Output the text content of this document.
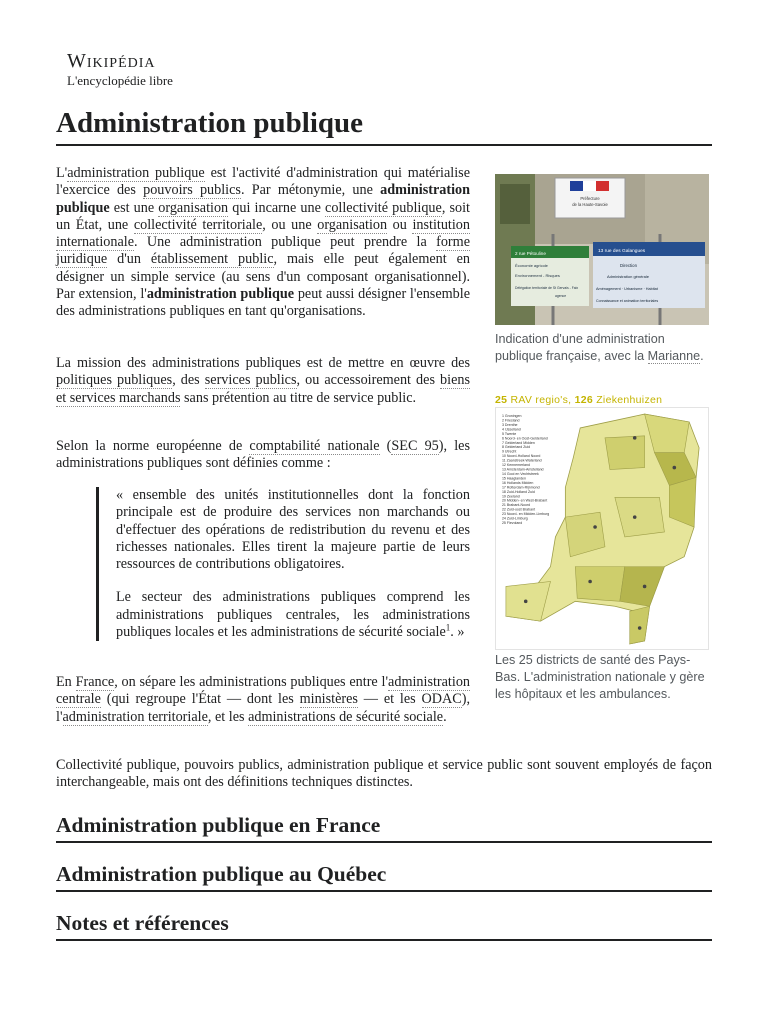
Wikipédia
L'encyclopédie libre
Administration publique

L'administration publique est l'activité d'administration qui matérialise l'exercice des pouvoirs publics. Par métonymie, une administration publique est une organisation qui incarne une collectivité publique, soit un État, une collectivité territoriale, ou une organisation ou institution internationale. Une administration publique peut prendre la forme juridique d'un établissement public, mais elle peut également en désigner un simple service (au sens d'un composant organisationnel). Par extension, l'administration publique peut aussi désigner l'ensemble des administrations publiques en tant qu'organisations.

La mission des administrations publiques est de mettre en œuvre des politiques publiques, des services publics, ou accessoirement des biens et services marchands sans prétention au titre de service public.

Selon la norme européenne de comptabilité nationale (SEC 95), les administrations publiques sont définies comme :

« ensemble des unités institutionnelles dont la fonction principale est de produire des services non marchands ou d'effectuer des opérations de redistribution du revenu et des richesses nationales. Elles tirent la majeure partie de leurs ressources de contributions obligatoires.

Le secteur des administrations publiques comprend les administrations publiques centrales, les administrations publiques locales et les administrations de sécurité sociale$^1$. »

En France, on sépare les administrations publiques entre l'administration centrale (qui regroupe l'État — dont les ministères — et les ODAC), l'administration territoriale, et les administrations de sécurité sociale.

Collectivité publique, pouvoirs publics, administration publique et service public sont souvent employés de façon interchangeable, mais ont des définitions techniques distinctes.
Préfecture
de la Haute-Savoie
2 rue Pétouline
Économie agricole
Environnement - Risques
Délégation territoriale de St Gervais - Faix
agence
13 rue des Galangues
Direction
Administration générale
Aménagement · Urbanisme · Habitat
Connaissance et animation territoriales
Indication d'une administration publique française, avec la Marianne.
25 RAV regio's, 126 Ziekenhuizen
1 Groningen
2 Friesland
3 Drenthe
4 IJsselland
5 Twente
6 Noord- en Oost-Gelderland
7 Gelderland Midden
8 Gelderland Zuid
9 Utrecht
10 Noord-Holland Noord
11 Zaanstreek-Waterland
12 Kennemerland
13 Amsterdam-Amstelland
14 Gooi en Vechtstreek
15 Haaglanden
16 Hollands Midden
17 Rotterdam-Rijnmond
18 Zuid-Holland Zuid
19 Zeeland
20 Midden- en West-Brabant
21 Brabant-Noord
22 Zuid-oost Brabant
23 Noord- en Midden-Limburg
24 Zuid-Limburg
25 Flevoland
Les 25 districts de santé des Pays-Bas. L'administration nationale y gère les hôpitaux et les ambulances.
Administration publique en France
Administration publique au Québec
Notes et références
